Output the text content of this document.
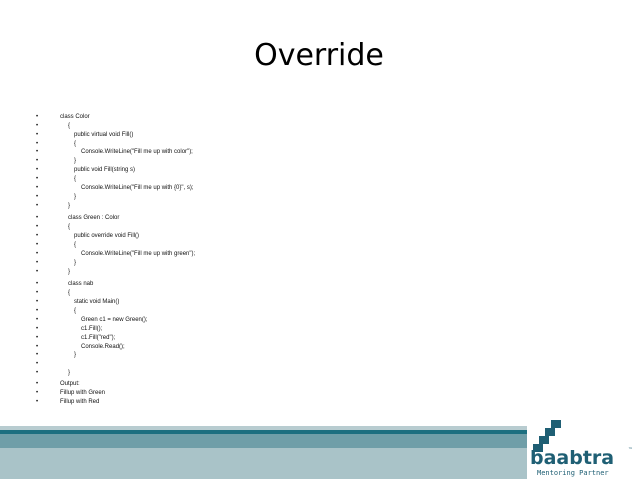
Override
•	class Color
•	{
•	public virtual void Fill()
•	{
•	Console.WriteLine("Fill me up with color");
•	}
•	public void Fill(string s)
•	{
•	Console.WriteLine("Fill me up with {0}", s);
•	}
•	}
•	class Green : Color
•	{
•	public override void Fill()
•	{
•	Console.WriteLine("Fill me up with green");
•	}
•	}
•	class nab
•	{
•	static void Main()
•	{
•	Green c1 = new Green();
•	c1.Fill();
•	c1.Fill("red");
•	Console.Read();
•	}
•
•	}
•	Output:
•	Fillup with Green
•	Fillup with Red
baabtra	™
Mentoring Partner
